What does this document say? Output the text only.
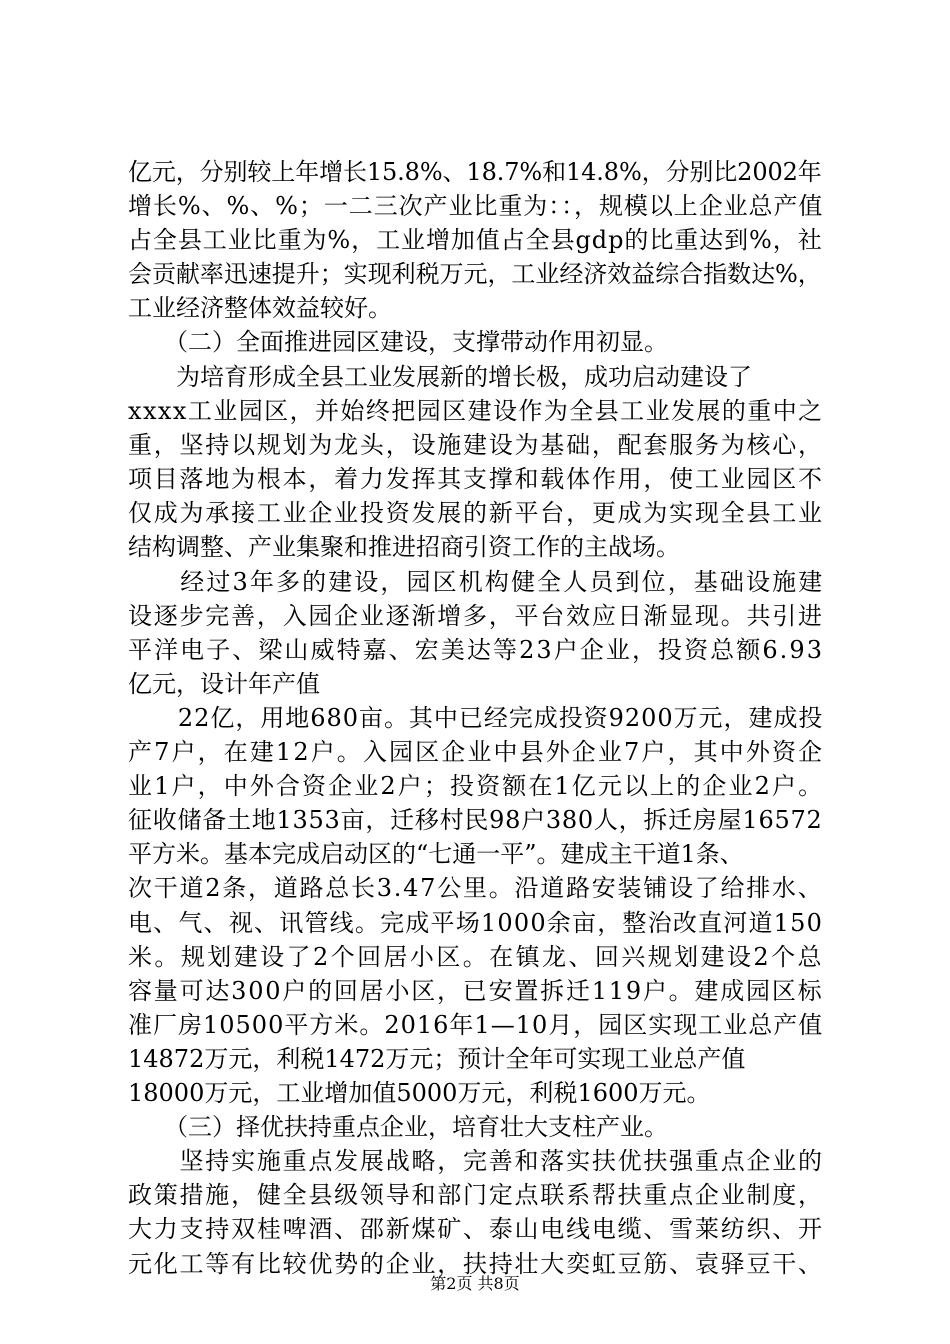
亿元，分别较上年增长15.8%、18.7%和14.8%，分别比2002年
增长%、%、%；一二三次产业比重为：：，规模以上企业总产值
占全县工业比重为%，工业增加值占全县gdp的比重达到%，社
会贡献率迅速提升；实现利税万元，工业经济效益综合指数达%，
工业经济整体效益较好。
　　（二）全面推进园区建设，支撑带动作用初显。
　　为培育形成全县工业发展新的增长极，成功启动建设了
xxxx工业园区，并始终把园区建设作为全县工业发展的重中之
重，坚持以规划为龙头，设施建设为基础，配套服务为核心，
项目落地为根本，着力发挥其支撑和载体作用，使工业园区不
仅成为承接工业企业投资发展的新平台，更成为实现全县工业
结构调整、产业集聚和推进招商引资工作的主战场。
　　经过3年多的建设，园区机构健全人员到位，基础设施建
设逐步完善，入园企业逐渐增多，平台效应日渐显现。共引进
平洋电子、梁山威特嘉、宏美达等23户企业，投资总额6.93
亿元，设计年产值
　　22亿，用地680亩。其中已经完成投资9200万元，建成投
产7户，在建12户。入园区企业中县外企业7户，其中外资企
业1户，中外合资企业2户；投资额在1亿元以上的企业2户。
征收储备土地1353亩，迁移村民98户380人，拆迁房屋16572
平方米。基本完成启动区的“七通一平”。建成主干道1条、
次干道2条，道路总长3.47公里。沿道路安装铺设了给排水、
电、气、视、讯管线。完成平场1000余亩，整治改直河道150
米。规划建设了2个回居小区。在镇龙、回兴规划建设2个总
容量可达300户的回居小区，已安置拆迁119户。建成园区标
准厂房10500平方米。2016年1—10月，园区实现工业总产值
14872万元，利税1472万元；预计全年可实现工业总产值
18000万元，工业增加值5000万元，利税1600万元。
　　（三）择优扶持重点企业，培育壮大支柱产业。
　　坚持实施重点发展战略，完善和落实扶优扶强重点企业的
政策措施，健全县级领导和部门定点联系帮扶重点企业制度，
大力支持双桂啤酒、邵新煤矿、泰山电线电缆、雪莱纺织、开
元化工等有比较优势的企业，扶持壮大奕虹豆筋、袁驿豆干、
第2页 共8页
